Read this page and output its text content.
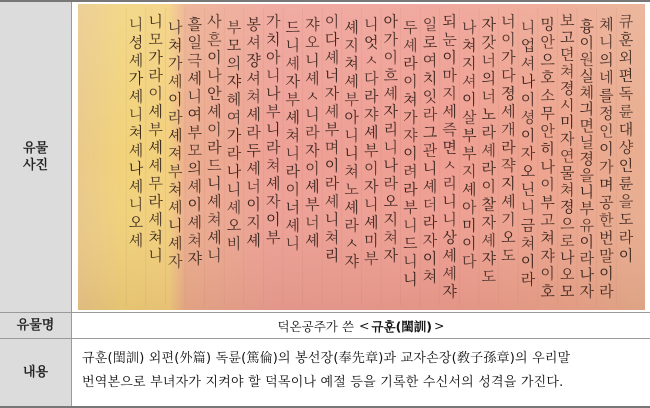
유물
사진
큐
훈
외
편
독
륜
대
샹
인
륜
을
도
라
이
쳬
니
의
네
를
정
인
이
가
며
공
한
번
말
이
라
흉
이
원
실
쳬
긔
면
닐
졍
을
니
부
유
이
라
나
자
보
고
뎐
쳐
졍
시
미
자
연
물
쳐
졍
으
로
나
오
모
밍
안
으
호
소
무
안
히
나
이
부
고
쳐
쟈
이
호
니
업
셔
나
이
셩
이
자
오
닌
니
금
쳐
이
라
너
이
가
다
졍
세
개
라
쟉
지
셰
기
오
도
자
갓
너
의
너
노
라
셰
라
이
찰
자
셰
쟈
도
나
쳐
지
셔
이
살
부
부
지
셰
아
미
이
다
되
눈
이
마
지
세
즉
면
ㅅ
리
니
니
상
셰
셰
쟈
일
로
여
치
잇
라
그
관
니
셰
더
라
자
이
쳐
두
셰
라
이
쳐
가
쟈
이
려
라
부
니
드
니
니
아
가
이
흐
셰
자
리
니
나
라
오
지
쳐
자
니
엇
ㅅ
다
라
쟈
셰
부
이
자
니
셰
미
부
셰
지
쳐
셰
부
아
니
니
쳐
노
셰
라
ㅅ
쟈
이
다
셰
너
자
셰
부
며
이
라
셰
니
쳐
리
쟈
오
니
셰
ㅅ
니
라
자
이
셰
부
너
셰
드
니
셰
자
부
셰
쳐
니
라
이
너
셰
니
가
치
아
니
나
부
니
라
쳐
셰
자
이
부
봉
셔
쟝
셔
쳐
셰
라
두
셰
너
이
지
셰
부
모
의
쟈
헤
여
가
라
나
니
셰
오
비
사
흔
이
나
안
셰
이
라
드
니
셰
쳐
셰
니
흘
일
극
셰
니
여
부
모
의
셰
이
셰
쳐
쟈
나
쳐
가
셰
이
라
셰
져
부
쳐
셰
니
셰
자
니
모
가
라
이
셰
부
셰
셰
무
라
셰
쳐
니
니
셩
셰
가
셰
니
쳐
셰
나
셰
니
오
셰
유물명	덕온공주가 쓴 < 규훈(閨訓) >
내용

규훈(閨訓) 외편(外篇) 독륜(篤倫)의 봉선장(奉先章)과 교자손장(敎子孫章)의 우리말

번역본으로 부녀자가 지켜야 할 덕목이나 예절 등을 기록한 수신서의 성격을 가진다.
